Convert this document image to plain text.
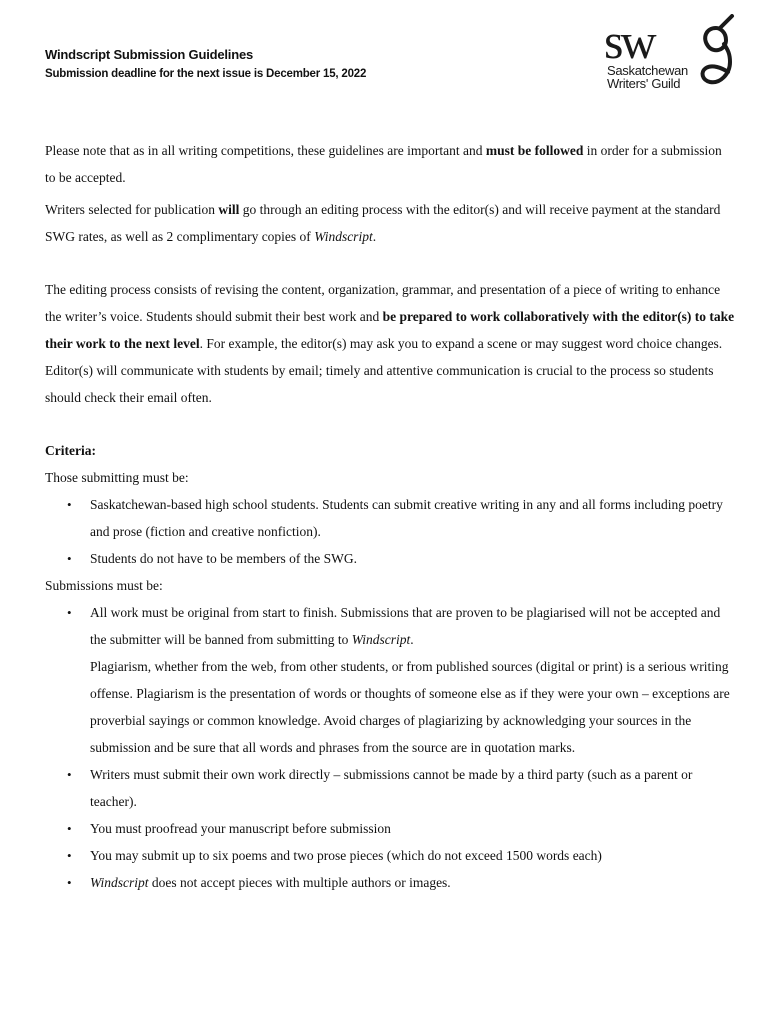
Windscript Submission Guidelines
Submission deadline for the next issue is December 15, 2022
sw
Saskatchewan
Writers' Guild

Please note that as in all writing competitions, these guidelines are important and must be followed in order for a submission to be accepted.

Writers selected for publication will go through an editing process with the editor(s) and will receive payment at the standard SWG rates, as well as 2 complimentary copies of Windscript.

The editing process consists of revising the content, organization, grammar, and presentation of a piece of writing to enhance the writer’s voice. Students should submit their best work and be prepared to work collaboratively with the editor(s) to take their work to the next level. For example, the editor(s) may ask you to expand a scene or may suggest word choice changes. Editor(s) will communicate with students by email; timely and attentive communication is crucial to the process so students should check their email often.

Criteria:

Those submitting must be:

• Saskatchewan-based high school students. Students can submit creative writing in any and all forms including poetry and prose (fiction and creative nonfiction).
• Students do not have to be members of the SWG.

Submissions must be:

• All work must be original from start to finish. Submissions that are proven to be plagiarised will not be accepted and the submitter will be banned from submitting to Windscript.

Plagiarism, whether from the web, from other students, or from published sources (digital or print) is a serious writing offense. Plagiarism is the presentation of words or thoughts of someone else as if they were your own – exceptions are proverbial sayings or common knowledge. Avoid charges of plagiarizing by acknowledging your sources in the submission and be sure that all words and phrases from the source are in quotation marks.

• Writers must submit their own work directly – submissions cannot be made by a third party (such as a parent or teacher).
• You must proofread your manuscript before submission
• You may submit up to six poems and two prose pieces (which do not exceed 1500 words each)
• Windscript does not accept pieces with multiple authors or images.
